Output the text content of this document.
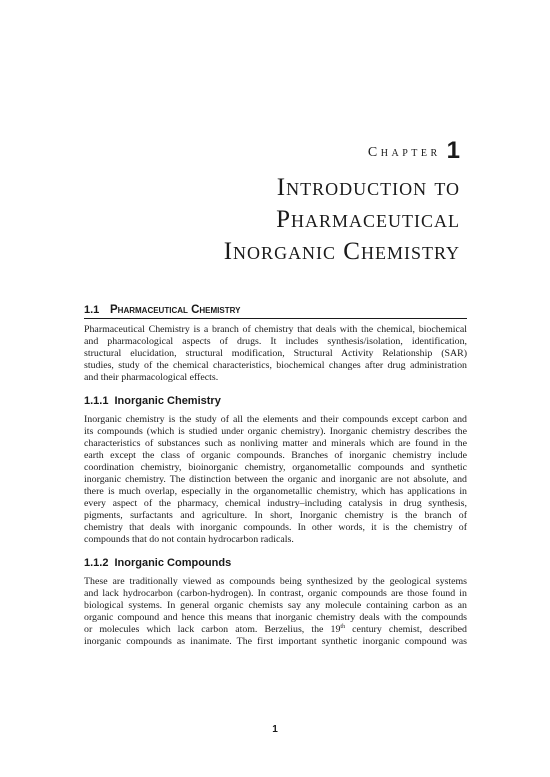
Chapter 1
Introduction to
Pharmaceutical
Inorganic Chemistry
1.1 Pharmaceutical Chemistry
Pharmaceutical Chemistry is a branch of chemistry that deals with the chemical, biochemical
and pharmacological aspects of drugs. It includes synthesis/isolation, identification,
structural elucidation, structural modification, Structural Activity Relationship (SAR)
studies, study of the chemical characteristics, biochemical changes after drug administration
and their pharmacological effects.
1.1.1 Inorganic Chemistry
Inorganic chemistry is the study of all the elements and their compounds except carbon and
its compounds (which is studied under organic chemistry). Inorganic chemistry describes the
characteristics of substances such as nonliving matter and minerals which are found in the
earth except the class of organic compounds. Branches of inorganic chemistry include
coordination chemistry, bioinorganic chemistry, organometallic compounds and synthetic
inorganic chemistry. The distinction between the organic and inorganic are not absolute, and
there is much overlap, especially in the organometallic chemistry, which has applications in
every aspect of the pharmacy, chemical industry–including catalysis in drug synthesis,
pigments, surfactants and agriculture. In short, Inorganic chemistry is the branch of
chemistry that deals with inorganic compounds. In other words, it is the chemistry of
compounds that do not contain hydrocarbon radicals.
1.1.2 Inorganic Compounds
These are traditionally viewed as compounds being synthesized by the geological systems
and lack hydrocarbon (carbon-hydrogen). In contrast, organic compounds are those found in
biological systems. In general organic chemists say any molecule containing carbon as an
organic compound and hence this means that inorganic chemistry deals with the compounds
or molecules which lack carbon atom. Berzelius, the 19th century chemist, described
inorganic compounds as inanimate. The first important synthetic inorganic compound was
1
